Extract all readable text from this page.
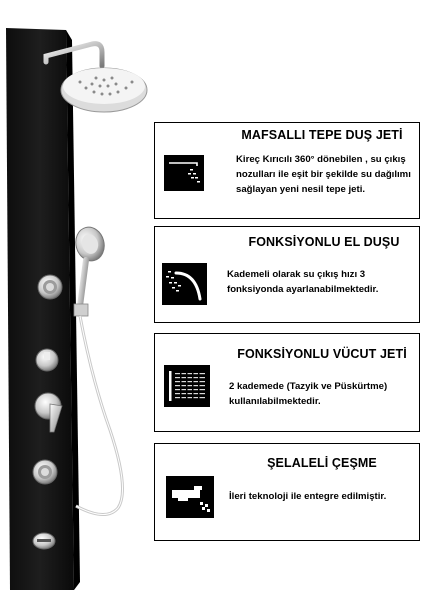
MAFSALLI TEPE DUŞ JETİ
Kireç Kırıcılı 360° dönebilen , su çıkış nozulları ile eşit bir şekilde su dağılımı sağlayan yeni nesil tepe jeti.
FONKSİYONLU EL DUŞU
Kademeli olarak su çıkış hızı 3 fonksiyonda ayarlanabilmektedir.
FONKSİYONLU VÜCUT JETİ
2 kademede (Tazyik ve Püskürtme) kullanılabilmektedir.
ŞELALELİ ÇEŞME
İleri teknoloji ile entegre edilmiştir.
